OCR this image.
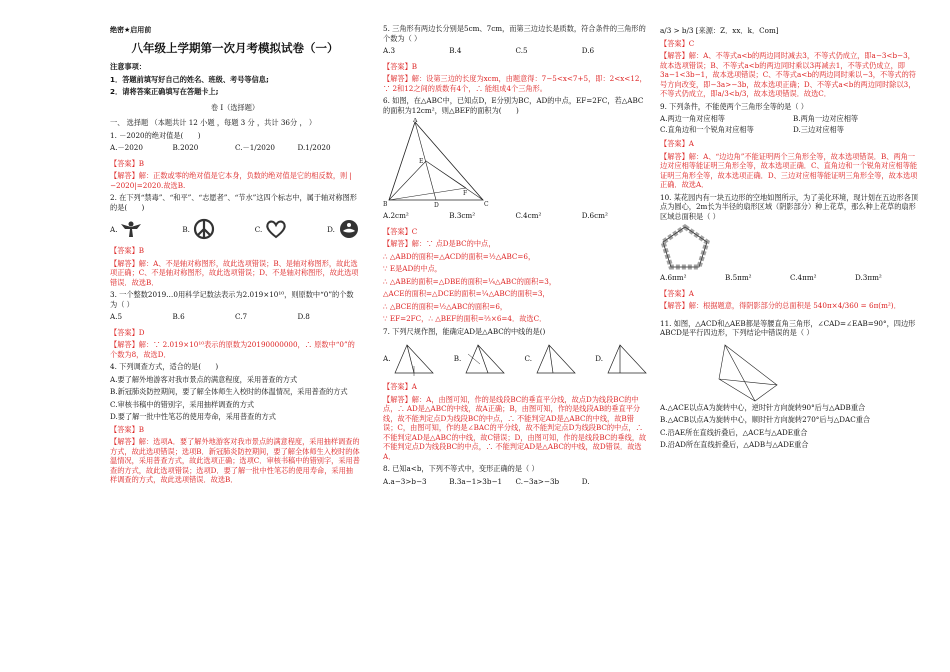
绝密★启用前
八年级上学期第一次月考模拟试卷（一）

注意事项：

1．答题前填写好自己的姓名、班级、考号等信息;

2．请将答案正确填写在答题卡上;

卷 I（选择题）

一、 选择题 （本题共计 12 小题 ，每题 3 分 ，共计 36分 ， ）

1. －2020的绝对值是(　　)

A.－2020	B.2020	C.－1/2020	D.1/2020

【答案】B

【解答】解：正数或零的绝对值是它本身，负数的绝对值是它的相反数，则 |−2020|=2020.故选B.

2. 在下列“禁毒”、“和平”、“志愿者”、“节水”这四个标志中，属于轴对称图形的是(　　)

A.	B.	C.	D.

【答案】B

【解答】解：A、不是轴对称图形，故此选项错误；B、是轴对称图形，故此选项正确；C、不是轴对称图形，故此选项错误；D、不是轴对称图形，故此选项错误．故选B．

3. 一个整数2019…0用科学记数法表示为2.019×10¹⁰，则原数中“0”的个数为（ ）

A.5	B.6	C.7	D.8

【答案】D

【解答】解：∵ 2.019×10¹⁰表示的原数为20190000000，∴ 原数中“0”的个数为8，故选D．

4. 下列调查方式，适合的是(　　)

A.要了解外地游客对我市景点的满意程度，采用普查的方式

B.新冠肺炎防控期间，要了解全体师生入校时的体温情况，采用普查的方式

C.审核书稿中的错别字，采用抽样调查的方式

D.要了解一批中性笔芯的使用寿命，采用普查的方式

【答案】B

【解答】解：选项A．要了解外地游客对我市景点的满意程度，采用抽样调查的方式，故此选项错误；选项B．新冠肺炎防控期间，要了解全体师生入校时的体温情况，采用普查方式，故此选项正确；选项C．审核书稿中的错别字，采用普查的方式，故此选项错误；选项D．要了解一批中性笔芯的使用寿命，采用抽样调查的方式，故此选项错误．故选B．

5. 三角形有两边长分别是5cm、7cm，而第三边边长是质数，符合条件的三角形的个数为（ ）

A.3	B.4	C.5	D.6

【答案】B

【解答】解：设第三边的长度为xcm，由题意得：7−5<x<7+5，即：2<x<12，∵ 2和12之间的质数有4个，∴ 能组成4个三角形。

6. 如图，在△ABC中，已知点D，E分别为BC，AD的中点，EF=2FC，若△ABC的面积为12cm²，则△BEF的面积为(　　)

A
B	D	C
E
F
A.2cm²	B.3cm²	C.4cm²	D.6cm²

【答案】C

【解答】解：∵ 点D是BC的中点，

∴ △ABD的面积=△ACD的面积=½△ABC=6，

∵ E是AD的中点，

∴ △ABE的面积=△DBE的面积=¼△ABC的面积=3，

△ACE的面积=△DCE的面积=¼△ABC的面积=3，

∴ △BCE的面积=½△ABC的面积=6，

∵ EF=2FC，∴ △BEF的面积=⅔×6=4．故选C．

7. 下列尺规作图，能确定AD是△ABC的中线的是()

A.	B.	C.	D.

【答案】A

【解答】解：A，由图可知，作的是线段BC的垂直平分线，故点D为线段BC的中点，∴ AD是△ABC的中线，故A正确；B，由图可知，作的是线段AB的垂直平分线，故不能判定点D为线段BC的中点，∴ 不能判定AD是△ABC的中线，故B错误；C，由图可知，作的是∠BAC的平分线，故不能判定点D为线段BC的中点，∴ 不能判定AD是△ABC的中线，故C错误；D，由图可知，作的是线段BC的垂线，故不能判定点D为线段BC的中点，∴ 不能判定AD是△ABC的中线，故D错误．故选A．

8. 已知a<b，下列不等式中，变形正确的是（ ）

A.a−3>b−3	B.3a−1>3b−1	C.−3a>−3b	D.

a/3 > b/3 [来源：Z．xx．k．Com]

【答案】C

【解答】解：A、不等式a<b的两边同时减去3，不等式仍成立，即a−3<b−3，故本选项错误；B、不等式a<b的两边同时乘以3再减去1，不等式仍成立，即3a−1<3b−1，故本选项错误；C、不等式a<b的两边同时乘以−3，不等式的符号方向改变，即−3a>−3b，故本选项正确；D、不等式a<b的两边同时除以3，不等式仍成立，即a/3<b/3，故本选项错误．故选C．

9. 下列条件，不能使两个三角形全等的是（ ）

A.两边一角对应相等	B.两角一边对应相等
C.直角边和一个锐角对应相等	D.三边对应相等

【答案】A

【解答】解：A、“边边角”不能证明两个三角形全等，故本选项错误．B、两角一边对应相等能证明三角形全等，故本选项正确．C、直角边和一个锐角对应相等能证明三角形全等，故本选项正确．D、三边对应相等能证明三角形全等，故本选项正确．故选A．

10. 某花园内有一块五边形的空地如图所示，为了美化环境，现计划在五边形各顶点为圆心，2m长为半径的扇形区域（阴影部分）种上花草，那么种上花草的扇形区域总面积是（ ）

A.6πm²	B.5πm²	C.4πm²	D.3πm²

【答案】A

【解答】解：根据题意，得阴影部分的总面积是 540π×4/360 = 6π(m²)．

11. 如图，△ACD和△AEB都是等腰直角三角形，∠CAD=∠EAB=90°，四边形ABCD是平行四边形，下列结论中错误的是（ ）

A.△ACE以点A为旋转中心，逆时针方向旋转90°后与△ADB重合

B.△ACB以点A为旋转中心，顺时针方向旋转270°后与△DAC重合

C.沿AE所在直线折叠后，△ACE与△ADE重合

D.沿AD所在直线折叠后，△ADB与△ADE重合
